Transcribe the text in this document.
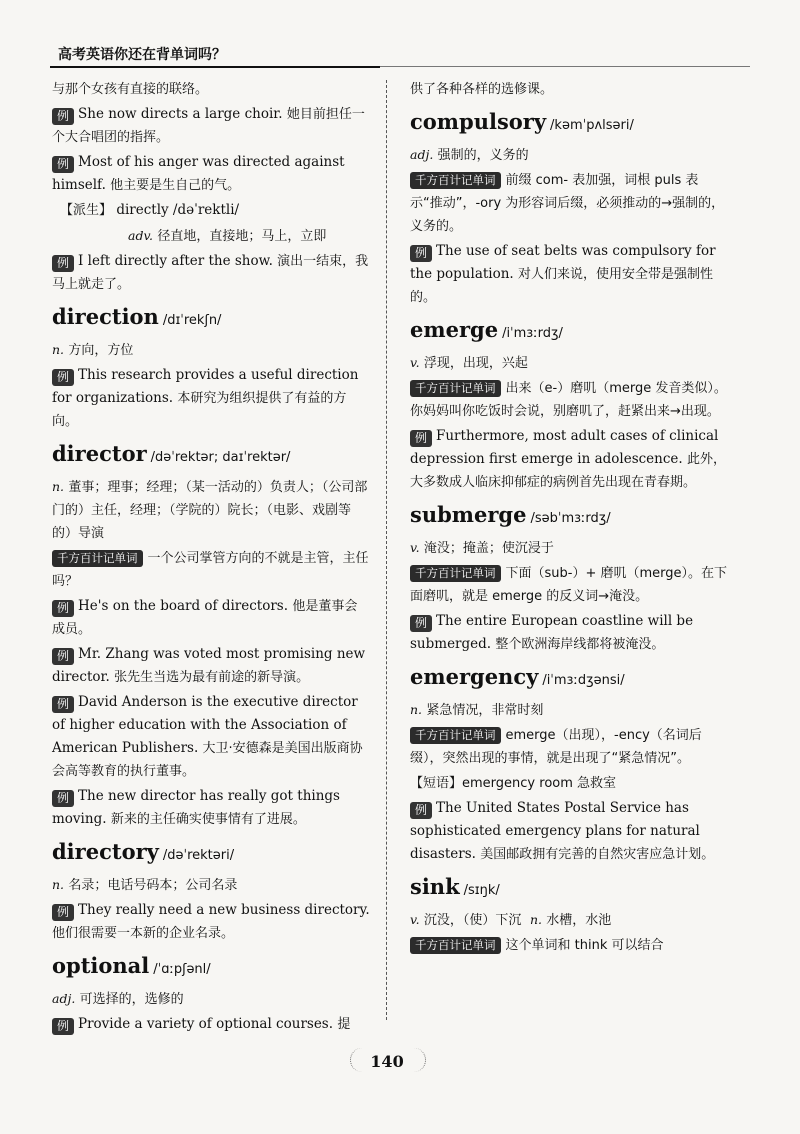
高考英语你还在背单词吗？

与那个女孩有直接的联络。

例 She now directs a large choir. 她目前担任一个大合唱团的指挥。

例 Most of his anger was directed against himself. 他主要是生自己的气。

【派生】 directly /dəˈrektli/

adv. 径直地，直接地；马上，立即

例 I left directly after the show. 演出一结束，我马上就走了。

direction /dɪˈrekʃn/

n. 方向，方位

例 This research provides a useful direction for organizations. 本研究为组织提供了有益的方向。

director /dəˈrektər; daɪˈrektər/

n. 董事；理事；经理；（某一活动的）负责人；（公司部门的）主任，经理；（学院的）院长；（电影、戏剧等的）导演

千方百计记单词 一个公司掌管方向的不就是主管，主任吗？

例 He's on the board of directors. 他是董事会成员。

例 Mr. Zhang was voted most promising new director. 张先生当选为最有前途的新导演。

例 David Anderson is the executive director of higher education with the Association of American Publishers. 大卫·安德森是美国出版商协会高等教育的执行董事。

例 The new director has really got things moving. 新来的主任确实使事情有了进展。

directory /dəˈrektəri/

n. 名录；电话号码本；公司名录

例 They really need a new business directory. 他们很需要一本新的企业名录。

optional /ˈɑːpʃənl/

adj. 可选择的，选修的

例 Provide a variety of optional courses. 提

供了各种各样的选修课。

compulsory /kəmˈpʌlsəri/

adj. 强制的，义务的

千方百计记单词 前缀 com- 表加强，词根 puls 表示“推动”，-ory 为形容词后缀，必须推动的→强制的，义务的。

例 The use of seat belts was compulsory for the population. 对人们来说，使用安全带是强制性的。

emerge /iˈmɜːrdʒ/

v. 浮现，出现，兴起

千方百计记单词 出来（e-）磨叽（merge 发音类似）。你妈妈叫你吃饭时会说，别磨叽了，赶紧出来→出现。

例 Furthermore, most adult cases of clinical depression first emerge in adolescence. 此外，大多数成人临床抑郁症的病例首先出现在青春期。

submerge /səbˈmɜːrdʒ/

v. 淹没；掩盖；使沉浸于

千方百计记单词 下面（sub-）+ 磨叽（merge）。在下面磨叽，就是 emerge 的反义词→淹没。

例 The entire European coastline will be submerged. 整个欧洲海岸线都将被淹没。

emergency /iˈmɜːdʒənsi/

n. 紧急情况，非常时刻

千方百计记单词 emerge（出现），-ency（名词后缀），突然出现的事情，就是出现了“紧急情况”。

【短语】emergency room 急救室

例 The United States Postal Service has sophisticated emergency plans for natural disasters. 美国邮政拥有完善的自然灾害应急计划。

sink /sɪŋk/

v. 沉没，（使）下沉 n. 水槽，水池

千方百计记单词 这个单词和 think 可以结合

140
